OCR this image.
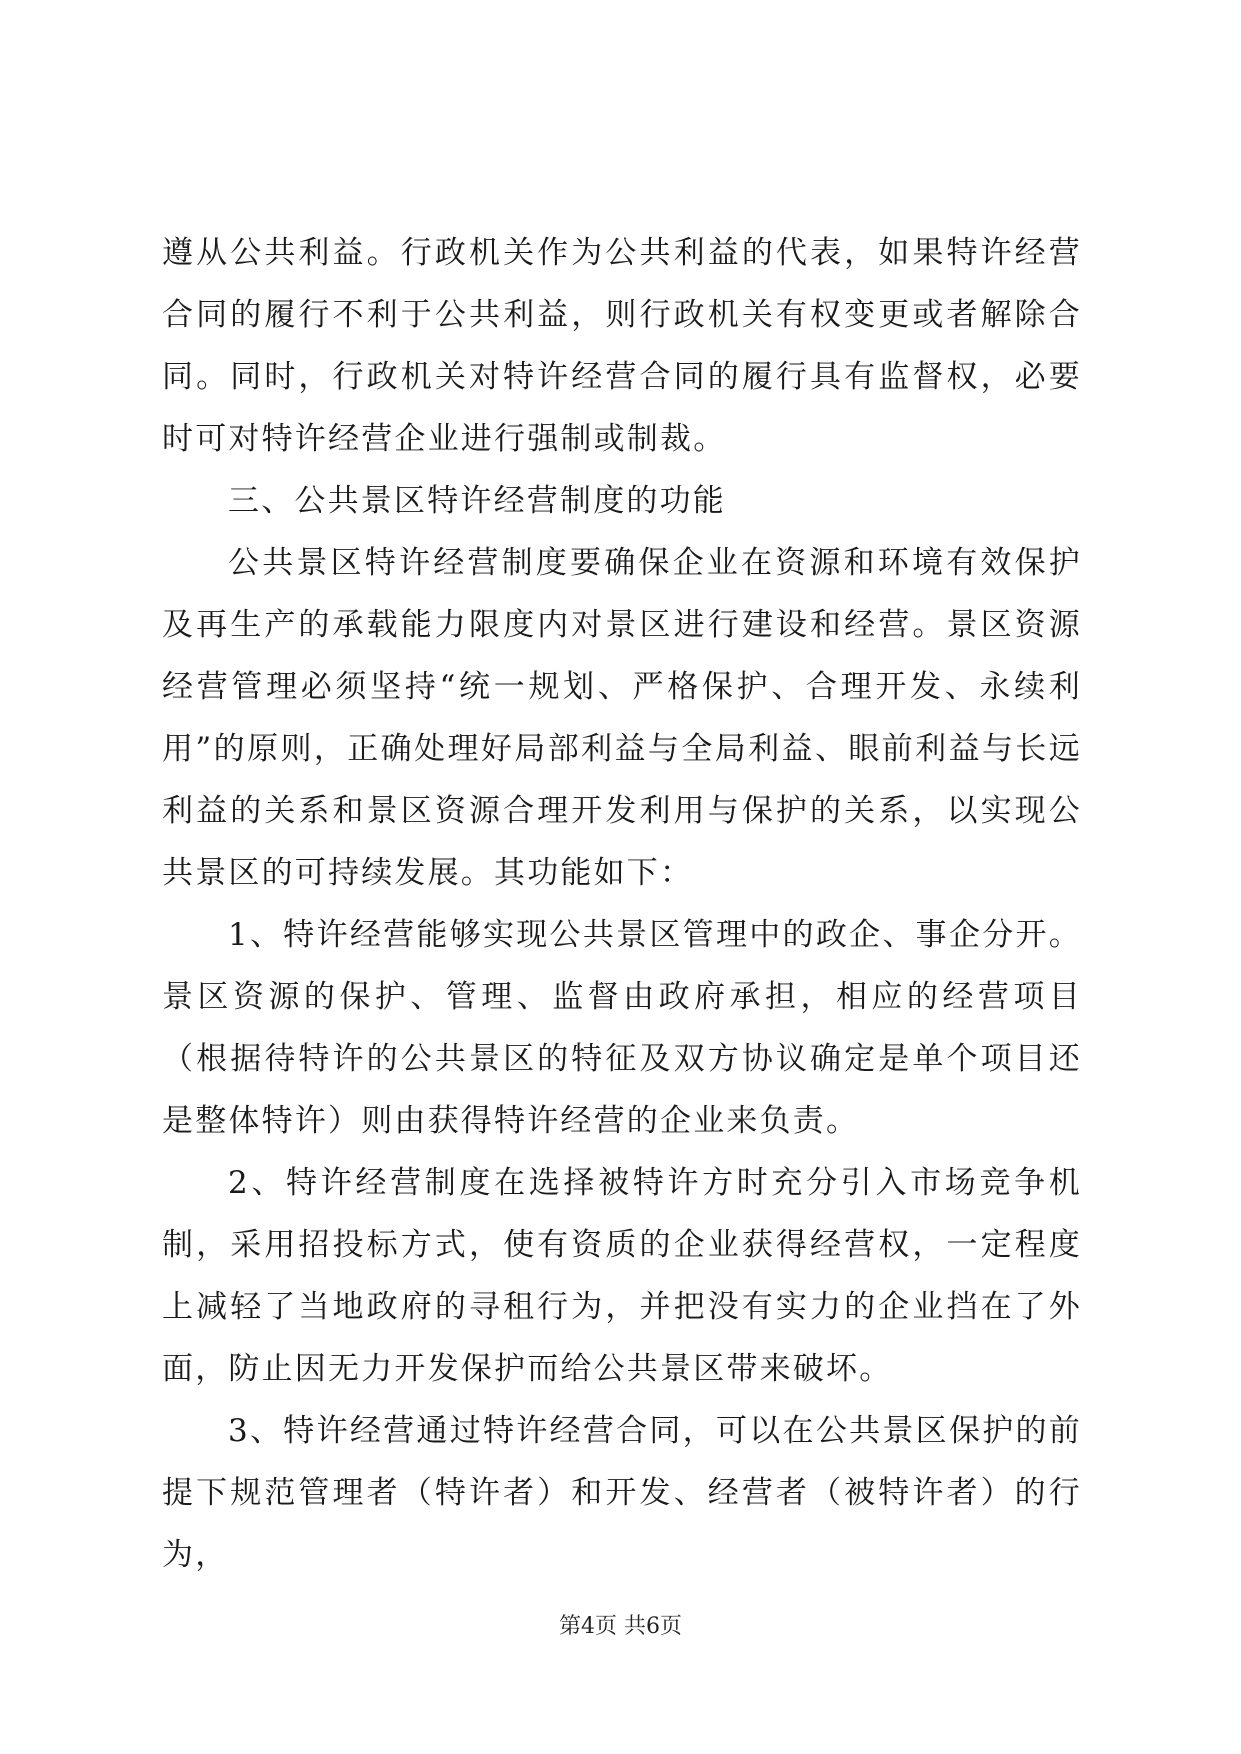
遵从公共利益。行政机关作为公共利益的代表，如果特许经营合同的履行不利于公共利益，则行政机关有权变更或者解除合同。同时，行政机关对特许经营合同的履行具有监督权，必要时可对特许经营企业进行强制或制裁。

三、公共景区特许经营制度的功能

公共景区特许经营制度要确保企业在资源和环境有效保护及再生产的承载能力限度内对景区进行建设和经营。景区资源经营管理必须坚持“统一规划、严格保护、合理开发、永续利用”的原则，正确处理好局部利益与全局利益、眼前利益与长远利益的关系和景区资源合理开发利用与保护的关系，以实现公共景区的可持续发展。其功能如下：

1、特许经营能够实现公共景区管理中的政企、事企分开。景区资源的保护、管理、监督由政府承担，相应的经营项目（根据待特许的公共景区的特征及双方协议确定是单个项目还是整体特许）则由获得特许经营的企业来负责。

2、特许经营制度在选择被特许方时充分引入市场竞争机制，采用招投标方式，使有资质的企业获得经营权，一定程度上减轻了当地政府的寻租行为，并把没有实力的企业挡在了外面，防止因无力开发保护而给公共景区带来破坏。

3、特许经营通过特许经营合同，可以在公共景区保护的前提下规范管理者（特许者）和开发、经营者（被特许者）的行为，

第4页 共6页
